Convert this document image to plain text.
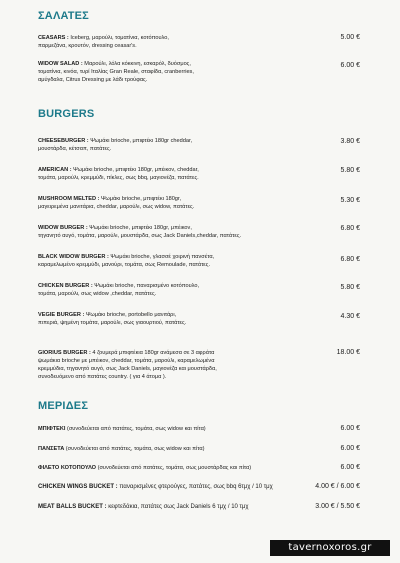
ΣΑΛΑΤΕΣ
CEASARS : Iceberg, μαρούλι, τοματίνια, κοτόπουλο,
παρμεζάνα, κρουτόν, dressing ceasar's.
5.00 €
WIDOW SALAD : Μαρούλι, λόλα κόκκινη, εσκαρόλ, δυόσμος,
τοματίνια, κινόα, τυρί Ιταλίας Gran Reale, σταφίδα, cranberries,
αμύγδαλα, Citrus Dressing με λάδι τρούφας.
6.00 €
BURGERS
CHEESEBURGER : Ψωμάκι brioche, μπιφτέκι 180gr cheddar,
μουστάρδα, κέτσαπ, πατάτες.
3.80 €
AMERICAN : Ψωμάκι brioche, μπιφτέκι 180gr, μπέικον, cheddar,
τομάτα, μαρούλι, κρεμμύδι, πίκλες, σως bbq, μαγιονέζα, πατάτες.
5.80 €
MUSHROOM MELTED : Ψωμάκι brioche, μπιφτέκι 180gr,
μαγειρεμένα μανιτάρια, cheddar, μαρούλι, σως widow, πατάτες.
5.30 €
WIDOW BURGER : Ψωμάκι brioche, μπιφτέκι 180gr, μπέικον,
τηγανητό αυγό, τομάτα, μαρούλι, μουστάρδα, σως Jack Daniels,cheddar, πατάτες.
6.80 €
BLACK WIDOW BURGER : Ψωμάκι brioche, γλασσέ χοιρινή πανσέτα,
καραμελωμένο κρεμμύδι, μανούρι, τομάτα, σως Remoulade, πατάτες.
6.80 €
CHICKEN BURGER : Ψωμάκι brioche, παναρισμένο κοτόπουλο,
τομάτα, μαρούλι, σως widow ,cheddar, πατάτες.
5.80 €
VEGIE BURGER : Ψωμάκι brioche, portobello μανιτάρι,
πιπεριά, ψημένη τομάτα, μαρούλι, σως γιαουρτιού, πατάτες.
4.30 €
GIORIUS BURGER : 4 ζουμερά μπιφτέκια 180gr ανάμεσα σε 3 αφράτα
ψωμάκια brioche με μπέικον, cheddar, τομάτα, μαρούλι, καραμελωμένα
κρεμμύδια, τηγανητό αυγό, σως Jack Daniels, μαγιονέζα και μουστάρδα,
συνοδευόμενο από πατάτες country. ( για 4 άτομα ).
18.00 €
ΜΕΡΙΔΕΣ
ΜΠΙΦΤΕΚΙ (συνοδεύεται από πατάτες, τομάτα, σως widow και πίτα)	6.00 €
ΠΑΝΣΕΤΑ (συνοδεύεται από πατάτες, τομάτα, σως widow και πίτα)	6.00 €
ΦΙΛΕΤΟ ΚΟΤΟΠΟΥΛΟ (συνοδεύεται από πατάτες, τομάτα, σως μουστάρδας και πίτα)	6.00 €
CHICKEN WINGS BUCKET : παναρισμένες φτερούγες, πατάτες, σως bbq 6τμχ / 10 τμχ	4.00 € / 6.00 €
MEAT BALLS BUCKET : κεφτεδάκια, πατάτες σως Jack Daniels 6 τμχ / 10 τμχ	3.00 € / 5.50 €
tavernoxoros.gr
